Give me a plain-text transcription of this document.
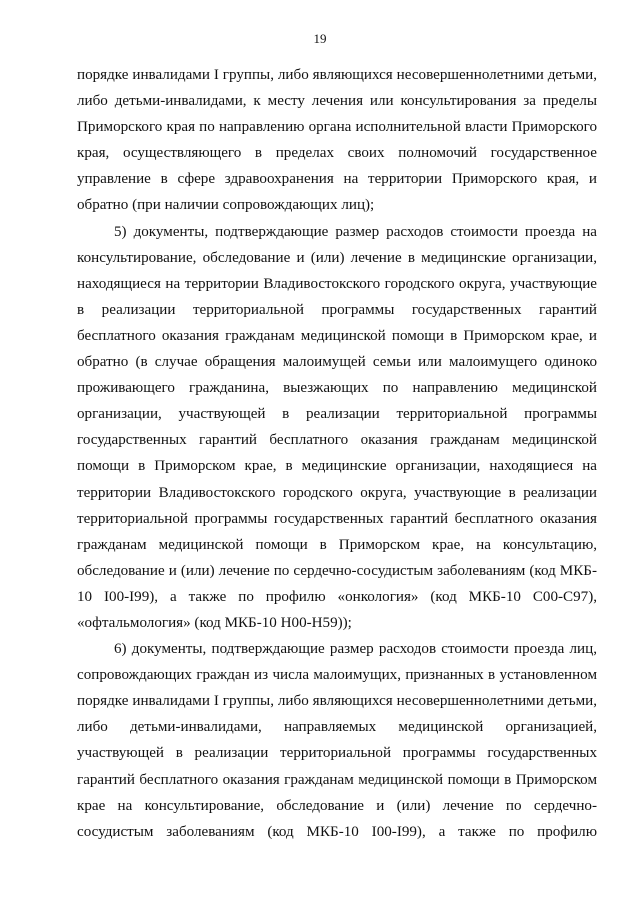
19
порядке инвалидами I группы, либо являющихся несовершеннолетними детьми,
либо детьми-инвалидами, к месту лечения или консультирования за пределы
Приморского края по направлению органа исполнительной власти Приморского
края, осуществляющего в пределах своих полномочий государственное
управление в сфере здравоохранения на территории Приморского края, и
обратно (при наличии сопровождающих лиц);
5) документы, подтверждающие размер расходов стоимости проезда на
консультирование, обследование и (или) лечение в медицинские организации,
находящиеся на территории Владивостокского городского округа, участвующие
в реализации территориальной программы государственных гарантий
бесплатного оказания гражданам медицинской помощи в Приморском крае, и
обратно (в случае обращения малоимущей семьи или малоимущего одиноко
проживающего гражданина, выезжающих по направлению медицинской
организации, участвующей в реализации территориальной программы
государственных гарантий бесплатного оказания гражданам медицинской
помощи в Приморском крае, в медицинские организации, находящиеся на
территории Владивостокского городского округа, участвующие в реализации
территориальной программы государственных гарантий бесплатного оказания
гражданам медицинской помощи в Приморском крае, на консультацию,
обследование и (или) лечение по сердечно-сосудистым заболеваниям (код МКБ-
10 I00-I99), а также по профилю «онкология» (код МКБ-10 С00-С97),
«офтальмология» (код МКБ-10 Н00-Н59));
6) документы, подтверждающие размер расходов стоимости проезда лиц,
сопровождающих граждан из числа малоимущих, признанных в установленном
порядке инвалидами I группы, либо являющихся несовершеннолетними детьми,
либо детьми-инвалидами, направляемых медицинской организацией,
участвующей в реализации территориальной программы государственных
гарантий бесплатного оказания гражданам медицинской помощи в Приморском
крае на консультирование, обследование и (или) лечение по сердечно-
сосудистым заболеваниям (код МКБ-10 I00-I99), а также по профилю
